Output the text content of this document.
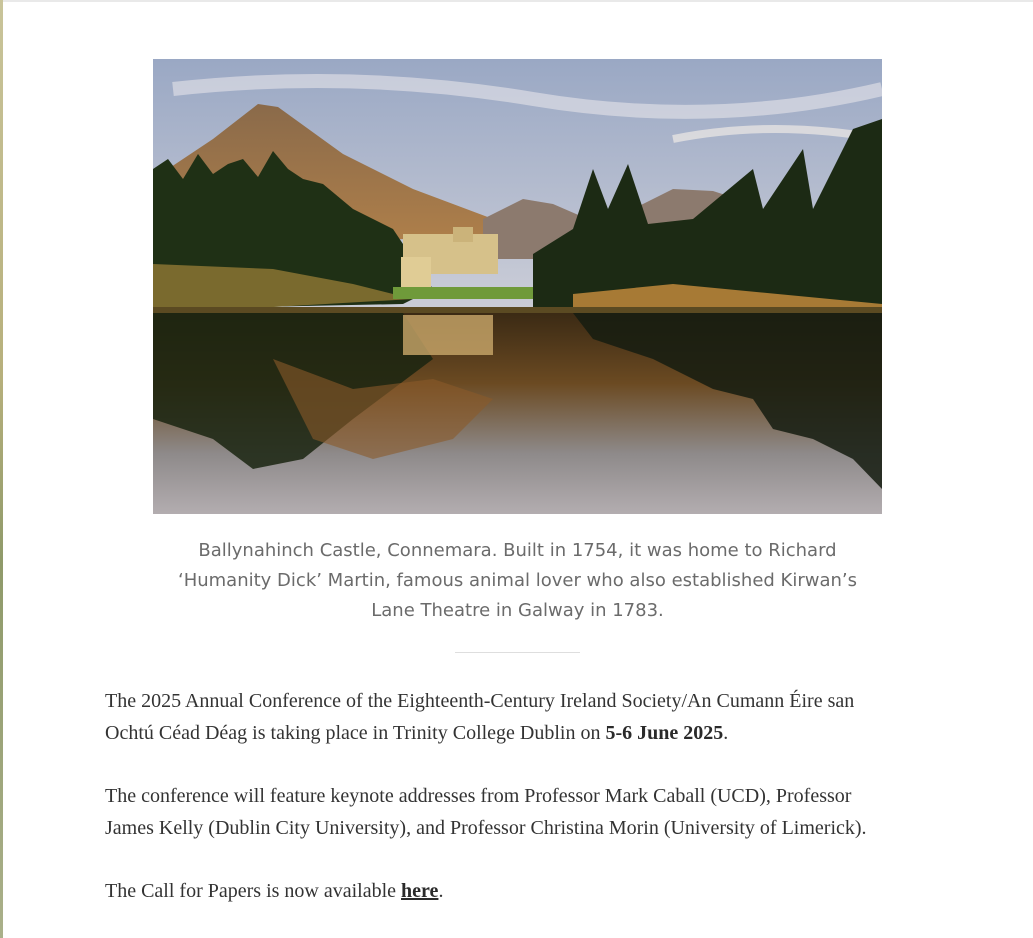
Ballynahinch Castle, Connemara. Built in 1754, it was home to Richard
‘Humanity Dick’ Martin, famous animal lover who also established Kirwan’s
Lane Theatre in Galway in 1783.
The 2025 Annual Conference of the Eighteenth-Century Ireland Society/An Cumann Éire san
Ochtú Céad Déag is taking place in Trinity College Dublin on 5-6 June 2025.
The conference will feature keynote addresses from Professor Mark Caball (UCD), Professor
James Kelly (Dublin City University), and Professor Christina Morin (University of Limerick).
The Call for Papers is now available here.
